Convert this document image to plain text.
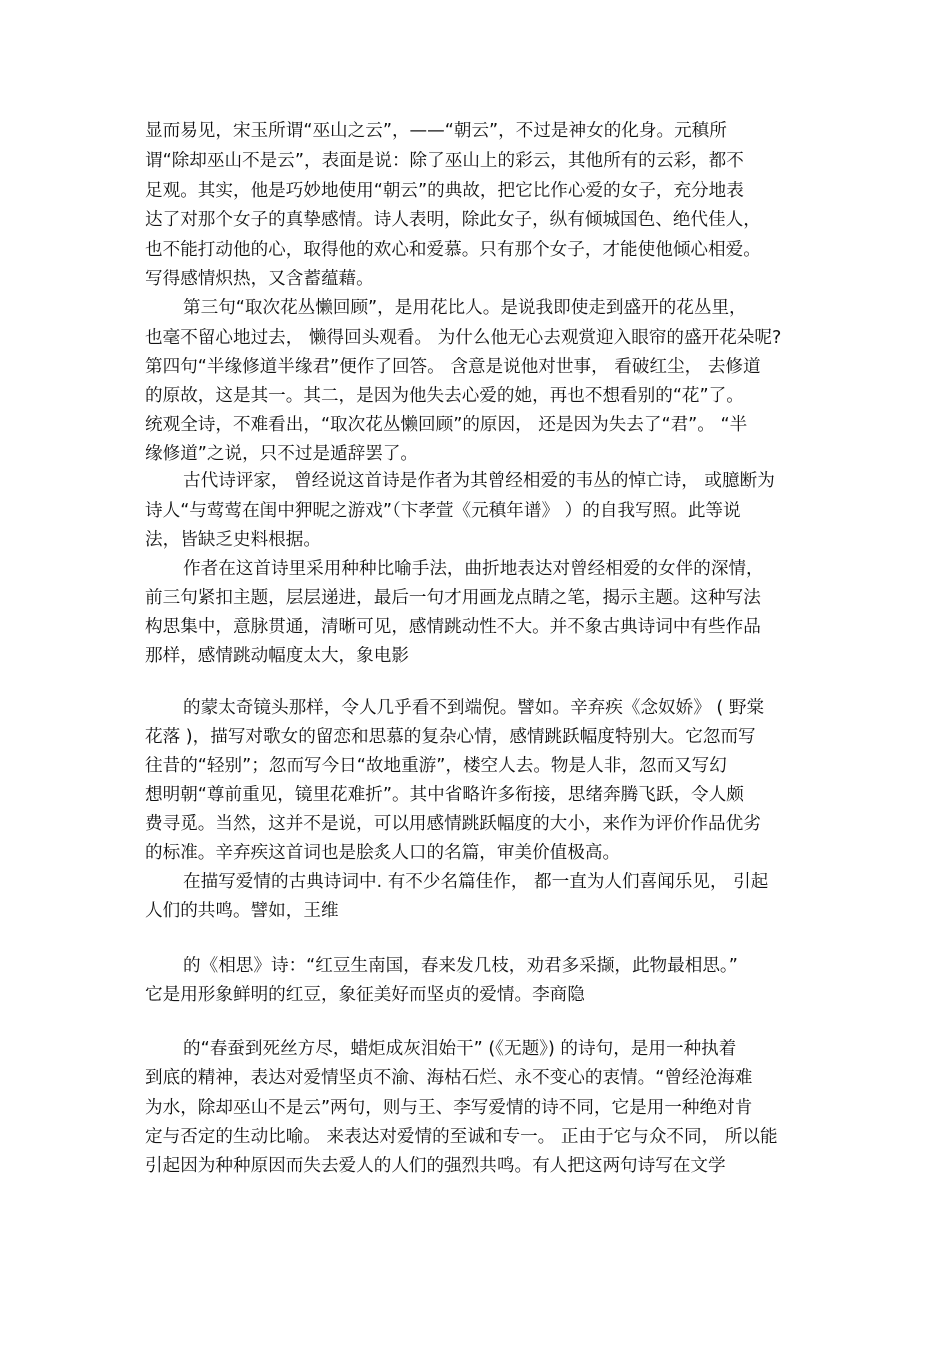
显而易见，宋玉所谓“巫山之云”，——“朝云”，不过是神女的化身。元稹所
谓“除却巫山不是云”，表面是说：除了巫山上的彩云，其他所有的云彩，都不
足观。其实，他是巧妙地使用“朝云”的典故，把它比作心爱的女子，充分地表
达了对那个女子的真挚感情。诗人表明，除此女子，纵有倾城国色、绝代佳人，
也不能打动他的心，取得他的欢心和爱慕。只有那个女子，才能使他倾心相爱。
写得感情炽热，又含蓄蕴藉。
第三句“取次花丛懒回顾”，是用花比人。是说我即使走到盛开的花丛里，
也毫不留心地过去， 懒得回头观看。 为什么他无心去观赏迎入眼帘的盛开花朵呢?
第四句“半缘修道半缘君”便作了回答。 含意是说他对世事， 看破红尘， 去修道
的原故，这是其一。其二，是因为他失去心爱的她，再也不想看别的“花”了。
统观全诗，不难看出，“取次花丛懒回顾”的原因， 还是因为失去了“君”。 “半
缘修道”之说，只不过是遁辞罢了。
古代诗评家， 曾经说这首诗是作者为其曾经相爱的韦丛的悼亡诗， 或臆断为
诗人“与莺莺在闺中狎昵之游戏”（卞孝萱《元稹年谱》 ）的自我写照。此等说
法，皆缺乏史料根据。
作者在这首诗里采用种种比喻手法，曲折地表达对曾经相爱的女伴的深情，
前三句紧扣主题，层层递进，最后一句才用画龙点睛之笔，揭示主题。这种写法
构思集中，意脉贯通，清晰可见，感情跳动性不大。并不象古典诗词中有些作品
那样，感情跳动幅度太大，象电影
的蒙太奇镜头那样，令人几乎看不到端倪。譬如。辛弃疾《念奴娇》 ( 野棠
花落 )，描写对歌女的留恋和思慕的复杂心情，感情跳跃幅度特别大。它忽而写
往昔的“轻别”；忽而写今日“故地重游”，楼空人去。物是人非，忽而又写幻
想明朝“尊前重见，镜里花难折”。其中省略许多衔接，思绪奔腾飞跃，令人颇
费寻觅。当然，这并不是说，可以用感情跳跃幅度的大小，来作为评价作品优劣
的标准。辛弃疾这首词也是脍炙人口的名篇，审美价值极高。
在描写爱情的古典诗词中. 有不少名篇佳作， 都一直为人们喜闻乐见， 引起
人们的共鸣。譬如，王维
的《相思》诗：“红豆生南国，春来发几枝，劝君多采撷，此物最相思。”
它是用形象鲜明的红豆，象征美好而坚贞的爱情。李商隐
的“春蚕到死丝方尽，蜡炬成灰泪始干” (《无题》) 的诗句，是用一种执着
到底的精神，表达对爱情坚贞不渝、海枯石烂、永不变心的衷情。“曾经沧海难
为水，除却巫山不是云”两句，则与王、李写爱情的诗不同，它是用一种绝对肯
定与否定的生动比喻。 来表达对爱情的至诚和专一。 正由于它与众不同， 所以能
引起因为种种原因而失去爱人的人们的强烈共鸣。有人把这两句诗写在文学
